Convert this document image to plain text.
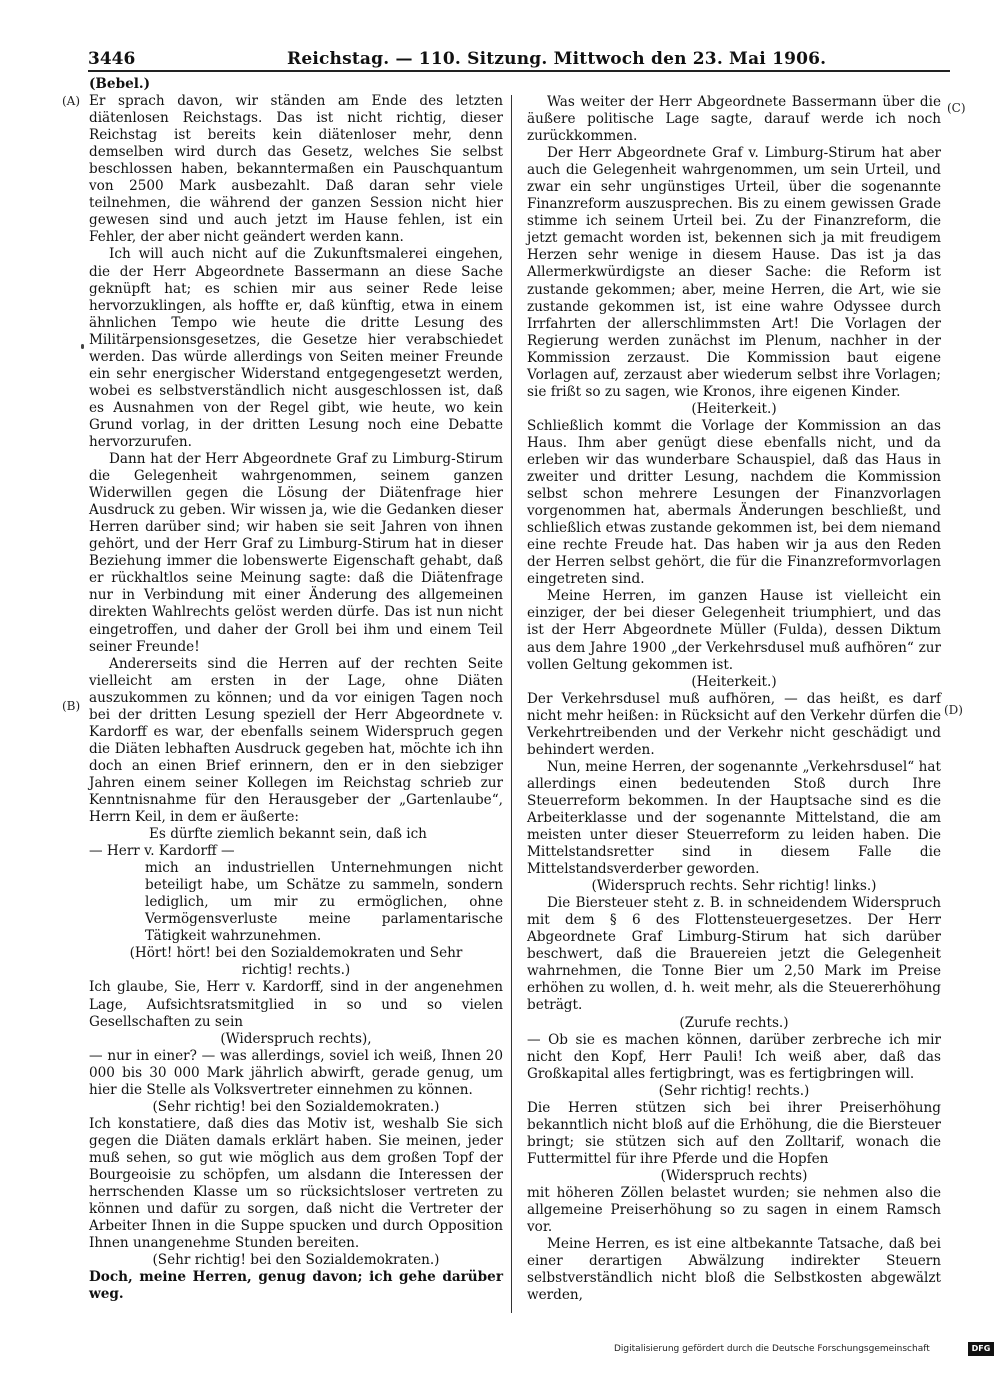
3446	Reichstag. — 110. Sitzung. Mittwoch den 23. Mai 1906.
(A)
(B)
(C)
(D)

(Bebel.)

Er sprach davon, wir ständen am Ende des letzten diätenlosen Reichstags. Das ist nicht richtig, dieser Reichstag ist bereits kein diätenloser mehr, denn demselben wird durch das Gesetz, welches Sie selbst beschlossen haben, bekanntermaßen ein Pauschquantum von 2500 Mark ausbezahlt. Daß daran sehr viele teilnehmen, die während der ganzen Session nicht hier gewesen sind und auch jetzt im Hause fehlen, ist ein Fehler, der aber nicht geändert werden kann.

Ich will auch nicht auf die Zukunftsmalerei eingehen, die der Herr Abgeordnete Bassermann an diese Sache geknüpft hat; es schien mir aus seiner Rede leise hervorzuklingen, als hoffte er, daß künftig, etwa in einem ähnlichen Tempo wie heute die dritte Lesung des Militärpensionsgesetzes, die Gesetze hier verabschiedet werden. Das würde allerdings von Seiten meiner Freunde ein sehr energischer Widerstand entgegengesetzt werden, wobei es selbstverständlich nicht ausgeschlossen ist, daß es Ausnahmen von der Regel gibt, wie heute, wo kein Grund vorlag, in der dritten Lesung noch eine Debatte hervorzurufen.

Dann hat der Herr Abgeordnete Graf zu Limburg-Stirum die Gelegenheit wahrgenommen, seinem ganzen Widerwillen gegen die Lösung der Diätenfrage hier Ausdruck zu geben. Wir wissen ja, wie die Gedanken dieser Herren darüber sind; wir haben sie seit Jahren von ihnen gehört, und der Herr Graf zu Limburg-Stirum hat in dieser Beziehung immer die lobenswerte Eigenschaft gehabt, daß er rückhaltlos seine Meinung sagte: daß die Diätenfrage nur in Verbindung mit einer Änderung des allgemeinen direkten Wahlrechts gelöst werden dürfe. Das ist nun nicht eingetroffen, und daher der Groll bei ihm und einem Teil seiner Freunde!

Andererseits sind die Herren auf der rechten Seite vielleicht am ersten in der Lage, ohne Diäten auszukommen zu können; und da vor einigen Tagen noch bei der dritten Lesung speziell der Herr Abgeordnete v. Kardorff es war, der ebenfalls seinem Widerspruch gegen die Diäten lebhaften Ausdruck gegeben hat, möchte ich ihn doch an einen Brief erinnern, den er in den siebziger Jahren einem seiner Kollegen im Reichstag schrieb zur Kenntnisnahme für den Herausgeber der „Gartenlaube“, Herrn Keil, in dem er äußerte:

Es dürfte ziemlich bekannt sein, daß ich

— Herr v. Kardorff —

mich an industriellen Unternehmungen nicht beteiligt habe, um Schätze zu sammeln, sondern lediglich, um mir zu ermöglichen, ohne Vermögensverluste meine parlamentarische Tätigkeit wahrzunehmen.

(Hört! hört! bei den Sozialdemokraten und Sehr richtig! rechts.)

Ich glaube, Sie, Herr v. Kardorff, sind in der angenehmen Lage, Aufsichtsratsmitglied in so und so vielen Gesellschaften zu sein

(Widerspruch rechts),

— nur in einer? — was allerdings, soviel ich weiß, Ihnen 20 000 bis 30 000 Mark jährlich abwirft, gerade genug, um hier die Stelle als Volksvertreter einnehmen zu können.

(Sehr richtig! bei den Sozialdemokraten.)

Ich konstatiere, daß dies das Motiv ist, weshalb Sie sich gegen die Diäten damals erklärt haben. Sie meinen, jeder muß sehen, so gut wie möglich aus dem großen Topf der Bourgeoisie zu schöpfen, um alsdann die Interessen der herrschenden Klasse um so rücksichtsloser vertreten zu können und dafür zu sorgen, daß nicht die Vertreter der Arbeiter Ihnen in die Suppe spucken und durch Opposition Ihnen unangenehme Stunden bereiten.

(Sehr richtig! bei den Sozialdemokraten.)

Doch, meine Herren, genug davon; ich gehe darüber weg.

Was weiter der Herr Abgeordnete Bassermann über die äußere politische Lage sagte, darauf werde ich noch zurückkommen.

Der Herr Abgeordnete Graf v. Limburg-Stirum hat aber auch die Gelegenheit wahrgenommen, um sein Urteil, und zwar ein sehr ungünstiges Urteil, über die sogenannte Finanzreform auszusprechen. Bis zu einem gewissen Grade stimme ich seinem Urteil bei. Zu der Finanzreform, die jetzt gemacht worden ist, bekennen sich ja mit freudigem Herzen sehr wenige in diesem Hause. Das ist ja das Allermerkwürdigste an dieser Sache: die Reform ist zustande gekommen; aber, meine Herren, die Art, wie sie zustande gekommen ist, ist eine wahre Odyssee durch Irrfahrten der allerschlimmsten Art! Die Vorlagen der Regierung werden zunächst im Plenum, nachher in der Kommission zerzaust. Die Kommission baut eigene Vorlagen auf, zerzaust aber wiederum selbst ihre Vorlagen; sie frißt so zu sagen, wie Kronos, ihre eigenen Kinder.

(Heiterkeit.)

Schließlich kommt die Vorlage der Kommission an das Haus. Ihm aber genügt diese ebenfalls nicht, und da erleben wir das wunderbare Schauspiel, daß das Haus in zweiter und dritter Lesung, nachdem die Kommission selbst schon mehrere Lesungen der Finanzvorlagen vorgenommen hat, abermals Änderungen beschließt, und schließlich etwas zustande gekommen ist, bei dem niemand eine rechte Freude hat. Das haben wir ja aus den Reden der Herren selbst gehört, die für die Finanzreformvorlagen eingetreten sind.

Meine Herren, im ganzen Hause ist vielleicht ein einziger, der bei dieser Gelegenheit triumphiert, und das ist der Herr Abgeordnete Müller (Fulda), dessen Diktum aus dem Jahre 1900 „der Verkehrsdusel muß aufhören“ zur vollen Geltung gekommen ist.

(Heiterkeit.)

Der Verkehrsdusel muß aufhören, — das heißt, es darf nicht mehr heißen: in Rücksicht auf den Verkehr dürfen die Verkehrtreibenden und der Verkehr nicht geschädigt und behindert werden.

Nun, meine Herren, der sogenannte „Verkehrsdusel“ hat allerdings einen bedeutenden Stoß durch Ihre Steuerreform bekommen. In der Hauptsache sind es die Arbeiterklasse und der sogenannte Mittelstand, die am meisten unter dieser Steuerreform zu leiden haben. Die Mittelstandsretter sind in diesem Falle die Mittelstandsverderber geworden.

(Widerspruch rechts. Sehr richtig! links.)

Die Biersteuer steht z. B. in schneidendem Widerspruch mit dem § 6 des Flottensteuergesetzes. Der Herr Abgeordnete Graf Limburg-Stirum hat sich darüber beschwert, daß die Brauereien jetzt die Gelegenheit wahrnehmen, die Tonne Bier um 2,50 Mark im Preise erhöhen zu wollen, d. h. weit mehr, als die Steuererhöhung beträgt.

(Zurufe rechts.)

— Ob sie es machen können, darüber zerbreche ich mir nicht den Kopf, Herr Pauli! Ich weiß aber, daß das Großkapital alles fertigbringt, was es fertigbringen will.

(Sehr richtig! rechts.)

Die Herren stützen sich bei ihrer Preiserhöhung bekanntlich nicht bloß auf die Erhöhung, die die Biersteuer bringt; sie stützen sich auf den Zolltarif, wonach die Futtermittel für ihre Pferde und die Hopfen

(Widerspruch rechts)

mit höheren Zöllen belastet wurden; sie nehmen also die allgemeine Preiserhöhung so zu sagen in einem Ramsch vor.

Meine Herren, es ist eine altbekannte Tatsache, daß bei einer derartigen Abwälzung indirekter Steuern selbstverständlich nicht bloß die Selbstkosten abgewälzt werden,

Digitalisierung gefördert durch die Deutsche Forschungsgemeinschaft	DFG
